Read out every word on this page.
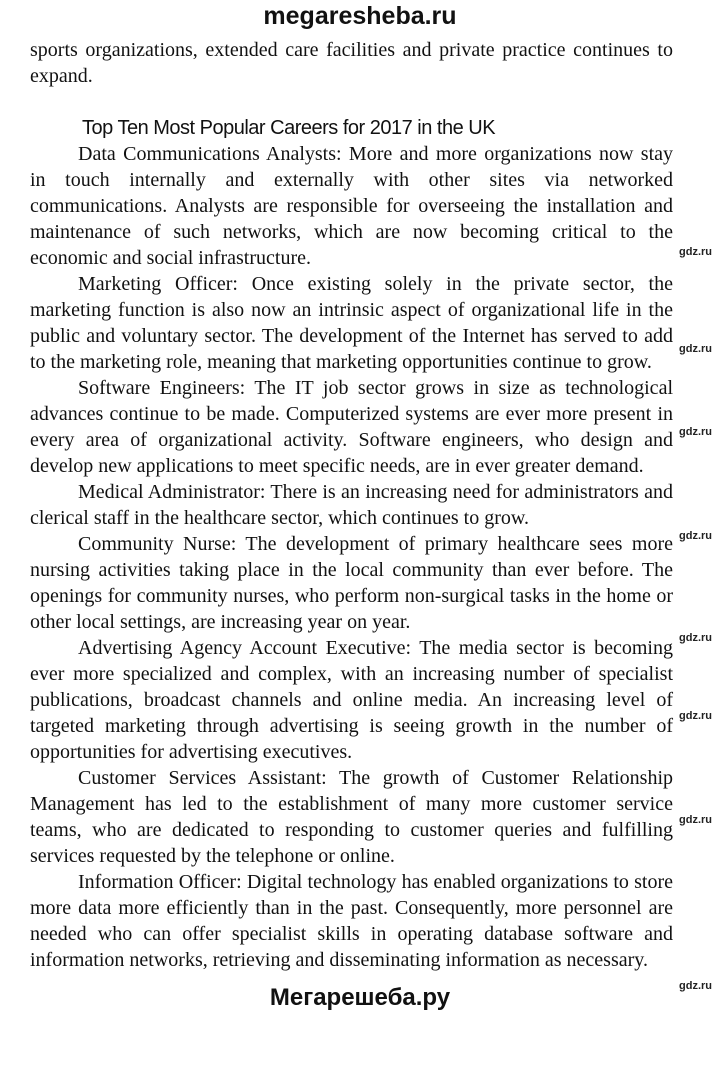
megaresheba.ru

sports organizations, extended care facilities and private practice continues to expand.

Top Ten Most Popular Careers for 2017 in the UK

Data Communications Analysts: More and more organizations now stay in touch internally and externally with other sites via networked communications. Analysts are responsible for overseeing the installation and maintenance of such networks, which are now becoming critical to the economic and social infrastructure.

Marketing Officer: Once existing solely in the private sector, the marketing function is also now an intrinsic aspect of organizational life in the public and voluntary sector. The development of the Internet has served to add to the marketing role, meaning that marketing opportunities continue to grow.

Software Engineers: The IT job sector grows in size as technological advances continue to be made. Computerized systems are ever more present in every area of organizational activity. Software engineers, who design and develop new applications to meet specific needs, are in ever greater demand.

Medical Administrator: There is an increasing need for administrators and clerical staff in the healthcare sector, which continues to grow.

Community Nurse: The development of primary healthcare sees more nursing activities taking place in the local community than ever before. The openings for community nurses, who perform non-surgical tasks in the home or other local settings, are increasing year on year.

Advertising Agency Account Executive: The media sector is becoming ever more specialized and complex, with an increasing number of specialist publications, broadcast channels and online media. An increasing level of targeted marketing through advertising is seeing growth in the number of opportunities for advertising executives.

Customer Services Assistant: The growth of Customer Relationship Management has led to the establishment of many more customer service teams, who are dedicated to responding to customer queries and fulfilling services requested by the telephone or online.

Information Officer: Digital technology has enabled organizations to store more data more efficiently than in the past. Consequently, more personnel are needed who can offer specialist skills in operating database software and information networks, retrieving and disseminating information as necessary.

Мегарешеба.ру
gdz.ru
gdz.ru
gdz.ru
gdz.ru
gdz.ru
gdz.ru
gdz.ru
gdz.ru
